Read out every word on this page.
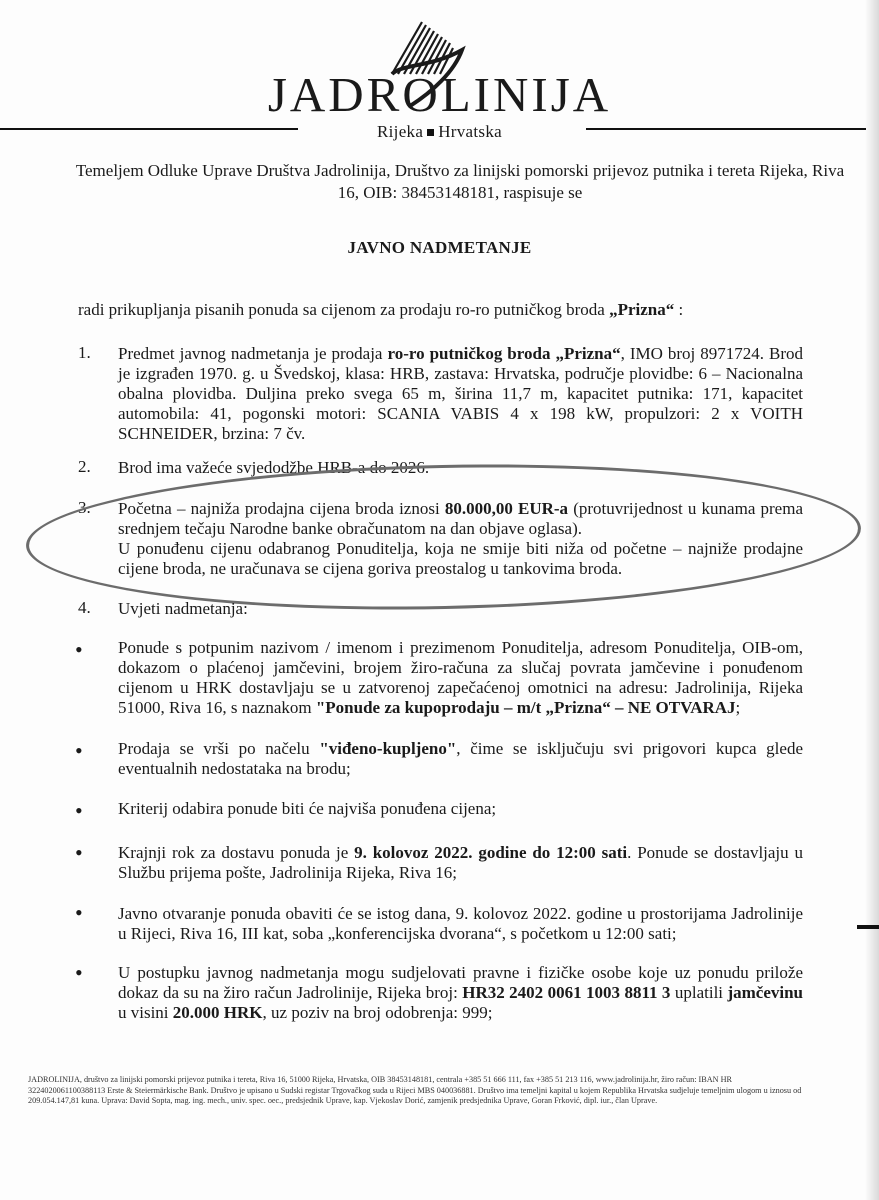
JADROLINIJA
Rijeka Hrvatska
Temeljem Odluke Uprave Društva Jadrolinija, Društvo za linijski pomorski prijevoz putnika i tereta Rijeka, Riva 16, OIB: 38453148181, raspisuje se
JAVNO NADMETANJE
radi prikupljanja pisanih ponuda sa cijenom za prodaju ro-ro putničkog broda „Prizna“ :
1. Predmet javnog nadmetanja je prodaja ro-ro putničkog broda „Prizna“, IMO broj 8971724. Brod je izgrađen 1970. g. u Švedskoj, klasa: HRB, zastava: Hrvatska, područje plovidbe: 6 – Nacionalna obalna plovidba. Duljina preko svega 65 m, širina 11,7 m, kapacitet putnika: 171, kapacitet automobila: 41, pogonski motori: SCANIA VABIS 4 x 198 kW, propulzori: 2 x VOITH SCHNEIDER, brzina: 7 čv.
2. Brod ima važeće svjedodžbe HRB-a do 2026.
3. Početna – najniža prodajna cijena broda iznosi 80.000,00 EUR-a (protuvrijednost u kunama prema srednjem tečaju Narodne banke obračunatom na dan objave oglasa).
U ponuđenu cijenu odabranog Ponuditelja, koja ne smije biti niža od početne – najniže prodajne cijene broda, ne uračunava se cijena goriva preostalog u tankovima broda.
4. Uvjeti nadmetanja:
• Ponude s potpunim nazivom / imenom i prezimenom Ponuditelja, adresom Ponuditelja, OIB-om, dokazom o plaćenoj jamčevini, brojem žiro-računa za slučaj povrata jamčevine i ponuđenom cijenom u HRK dostavljaju se u zatvorenoj zapečaćenoj omotnici na adresu: Jadrolinija, Rijeka 51000, Riva 16, s naznakom "Ponude za kupoprodaju – m/t „Prizna“ – NE OTVARAJ;
• Prodaja se vrši po načelu "viđeno-kupljeno", čime se isključuju svi prigovori kupca glede eventualnih nedostataka na brodu;
• Kriterij odabira ponude biti će najviša ponuđena cijena;
• Krajnji rok za dostavu ponuda je 9. kolovoz 2022. godine do 12:00 sati. Ponude se dostavljaju u Službu prijema pošte, Jadrolinija Rijeka, Riva 16;
• Javno otvaranje ponuda obaviti će se istog dana, 9. kolovoz 2022. godine u prostorijama Jadrolinije u Rijeci, Riva 16, III kat, soba „konferencijska dvorana“, s početkom u 12:00 sati;
• U postupku javnog nadmetanja mogu sudjelovati pravne i fizičke osobe koje uz ponudu prilože dokaz da su na žiro račun Jadrolinije, Rijeka broj: HR32 2402 0061 1003 8811 3 uplatili jamčevinu u visini 20.000 HRK, uz poziv na broj odobrenja: 999;
JADROLINIJA, društvo za linijski pomorski prijevoz putnika i tereta, Riva 16, 51000 Rijeka, Hrvatska, OIB 38453148181, centrala +385 51 666 111, fax +385 51 213 116, www.jadrolinija.hr, žiro račun: IBAN HR 3224020061100388113 Erste & Steiermärkische Bank. Društvo je upisano u Sudski registar Trgovačkog suda u Rijeci MBS 040036881. Društvo ima temeljni kapital u kojem Republika Hrvatska sudjeluje temeljnim ulogom u iznosu od 209.054.147,81 kuna. Uprava: David Sopta, mag. ing. mech., univ. spec. oec., predsjednik Uprave, kap. Vjekoslav Dorić, zamjenik predsjednika Uprave, Goran Frković, dipl. iur., član Uprave.
